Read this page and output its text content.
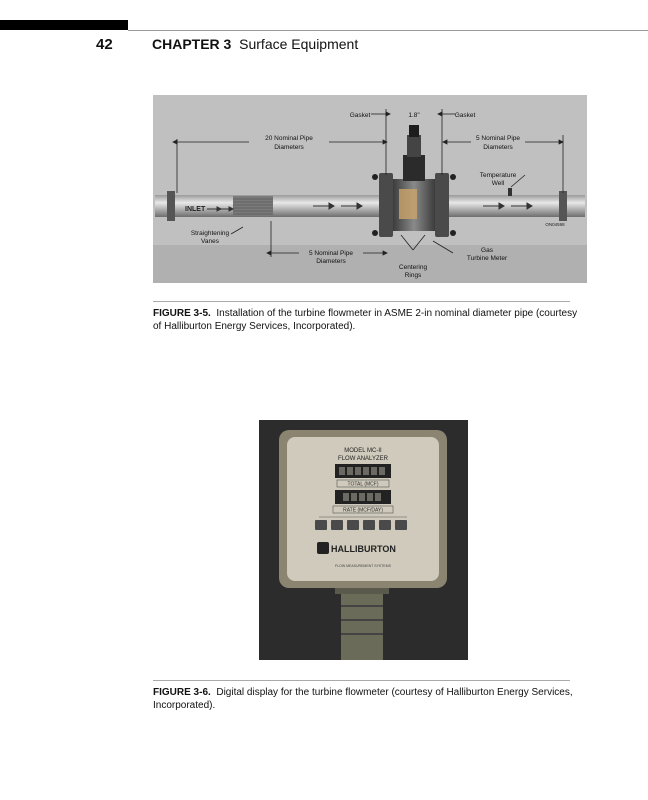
42	CHAPTER 3 Surface Equipment
Gasket	1.8"	Gasket
20 Nominal Pipe
Diameters
5 Nominal Pipe
Diameters
Temperature
Well
Straightening
Vanes
5 Nominal Pipe
Diameters
Centering
Rings
Gas
Turbine Meter
INLET
ON04598
FIGURE 3-5. Installation of the turbine flowmeter in ASME 2-in nominal diameter pipe (courtesy of Halliburton Energy Services, Incorporated).
MODEL MC-II
FLOW ANALYZER
TOTAL (MCF)
RATE (MCF/DAY)
HALLIBURTON
FLOW MEASUREMENT SYSTEMS
FIGURE 3-6. Digital display for the turbine flowmeter (courtesy of Halliburton Energy Services, Incorporated).
